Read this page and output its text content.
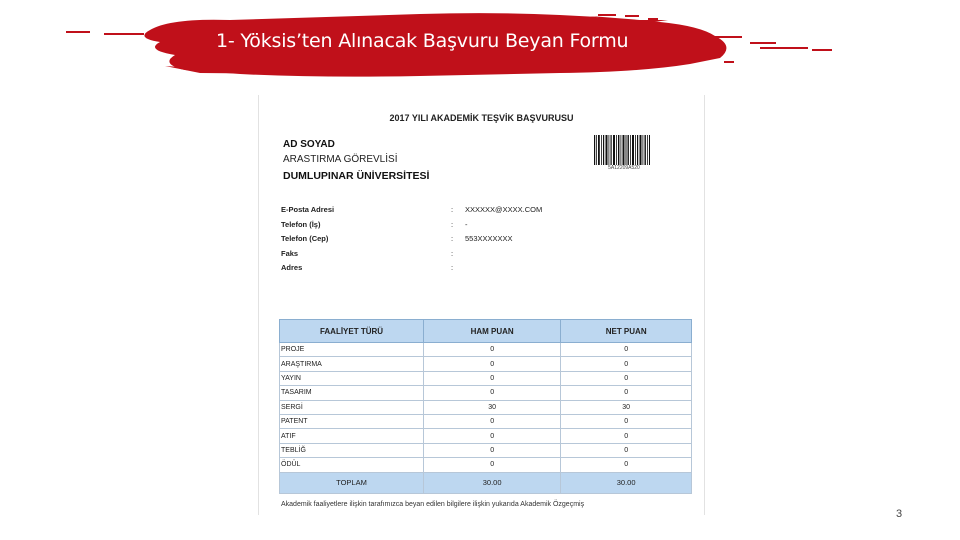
1- Yöksis’ten Alınacak Başvuru Beyan Formu
2017 YILI AKADEMİK TEŞVİK BAŞVURUSU
AD SOYAD
ARASTIRMA GÖREVLİSİ
DUMLUPINAR ÜNİVERSİTESİ
5A12209A520
E-Posta Adresi	: XXXXXX@XXXX.COM
Telefon (İş)	: -
Telefon (Cep)	: 553XXXXXXX
Faks	:
Adres	:
FAALİYET TÜRÜ	HAM PUAN	NET PUAN
PROJE	0	0
ARAŞTIRMA	0	0
YAYIN	0	0
TASARIM	0	0
SERGİ	30	30
PATENT	0	0
ATIF	0	0
TEBLİĞ	0	0
ÖDÜL	0	0
TOPLAM	30.00	30.00
Akademik faaliyetlere ilişkin tarafımızca beyan edilen bilgilere ilişkin yukarıda Akademik Özgeçmiş
3
